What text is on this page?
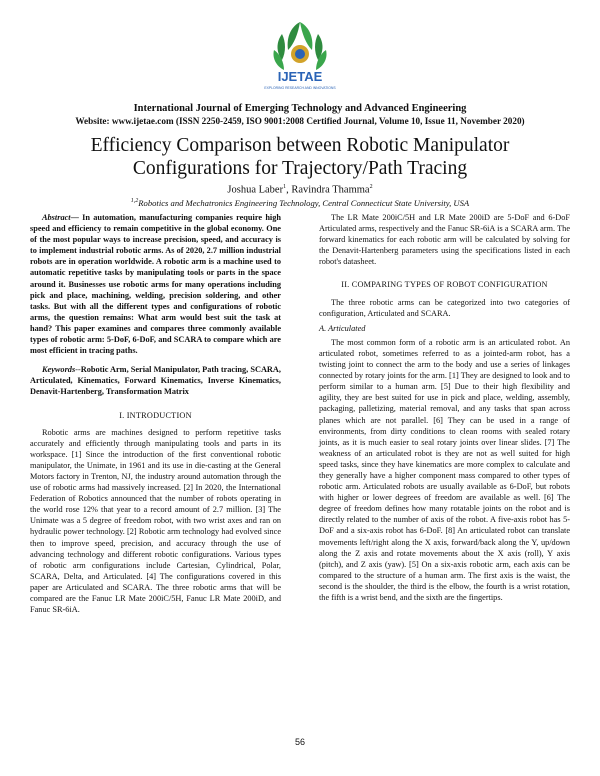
IJETAE
EXPLORING RESEARCH AND INNOVATIONS
International Journal of Emerging Technology and Advanced Engineering
Website: www.ijetae.com (ISSN 2250-2459, ISO 9001:2008 Certified Journal, Volume 10, Issue 11, November 2020)
Efficiency Comparison between Robotic Manipulator
Configurations for Trajectory/Path Tracing
Joshua Laber$^1$, Ravindra Thamma$^2$
$^{1,2}$Robotics and Mechatronics Engineering Technology, Central Connecticut State University, USA

Abstract— In automation, manufacturing companies require high speed and efficiency to remain competitive in the global economy. One of the most popular ways to increase precision, speed, and accuracy is to implement industrial robotic arms. As of 2020, 2.7 million industrial robots are in operation worldwide. A robotic arm is a machine used to automatic repetitive tasks by manipulating tools or parts in the space around it. Businesses use robotic arms for many operations including pick and place, machining, welding, precision soldering, and other tasks. But with all the different types and configurations of robotic arms, the question remains: What arm would best suit the task at hand? This paper examines and compares three commonly available types of robotic arm: 5-DoF, 6-DoF, and SCARA to compare which are most efficient in tracing paths.

Keywords--Robotic Arm, Serial Manipulator, Path tracing, SCARA, Articulated, Kinematics, Forward Kinematics, Inverse Kinematics, Denavit-Hartenberg, Transformation Matrix

I. INTRODUCTION

Robotic arms are machines designed to perform repetitive tasks accurately and efficiently through manipulating tools and parts in its workspace. [1] Since the introduction of the first conventional robotic manipulator, the Unimate, in 1961 and its use in die-casting at the General Motors factory in Trenton, NJ, the industry around automation through the use of robotic arms had massively increased. [2] In 2020, the International Federation of Robotics announced that the number of robots operating in the world rose 12% that year to a record amount of 2.7 million. [3] The Unimate was a 5 degree of freedom robot, with two wrist axes and ran on hydraulic power technology. [2] Robotic arm technology had evolved since then to improve speed, precision, and accuracy through the use of advancing technology and different robotic configurations. Various types of robotic arm configurations include Cartesian, Cylindrical, Polar, SCARA, Delta, and Articulated. [4] The configurations covered in this paper are Articulated and SCARA. The three robotic arms that will be compared are the Fanuc LR Mate 200iC/5H, Fanuc LR Mate 200iD, and Fanuc SR-6iA.

The LR Mate 200iC/5H and LR Mate 200iD are 5-DoF and 6-DoF Articulated arms, respectively and the Fanuc SR-6iA is a SCARA arm. The forward kinematics for each robotic arm will be calculated by solving for the Denavit-Hartenberg parameters using the specifications listed in each robot's datasheet.

II. COMPARING TYPES OF ROBOT CONFIGURATION

The three robotic arms can be categorized into two categories of configuration, Articulated and SCARA.

A. Articulated

The most common form of a robotic arm is an articulated robot. An articulated robot, sometimes referred to as a jointed-arm robot, has a twisting joint to connect the arm to the body and use a series of linkages connected by rotary joints for the arm. [1] They are designed to look and to perform similar to a human arm. [5] Due to their high flexibility and agility, they are best suited for use in pick and place, welding, assembly, packaging, palletizing, material removal, and any tasks that span across planes which are not parallel. [6] They can be used in a range of environments, from dirty conditions to clean rooms with sealed rotary joints, as it is much easier to seal rotary joints over linear slides. [7] The weakness of an articulated robot is they are not as well suited for high speed tasks, since they have kinematics are more complex to calculate and they generally have a higher component mass compared to other types of robotic arm. Articulated robots are usually available as 6-DoF, but robots with higher or lower degrees of freedom are available as well. [6] The degree of freedom defines how many rotatable joints on the robot and is directly related to the number of axis of the robot. A five-axis robot has 5-DoF and a six-axis robot has 6-DoF. [8] An articulated robot can translate movements left/right along the X axis, forward/back along the Y, up/down along the Z axis and rotate movements about the X axis (roll), Y axis (pitch), and Z axis (yaw). [5] On a six-axis robotic arm, each axis can be compared to the structure of a human arm. The first axis is the waist, the second is the shoulder, the third is the elbow, the fourth is a wrist rotation, the fifth is a wrist bend, and the sixth are the fingertips.

56
